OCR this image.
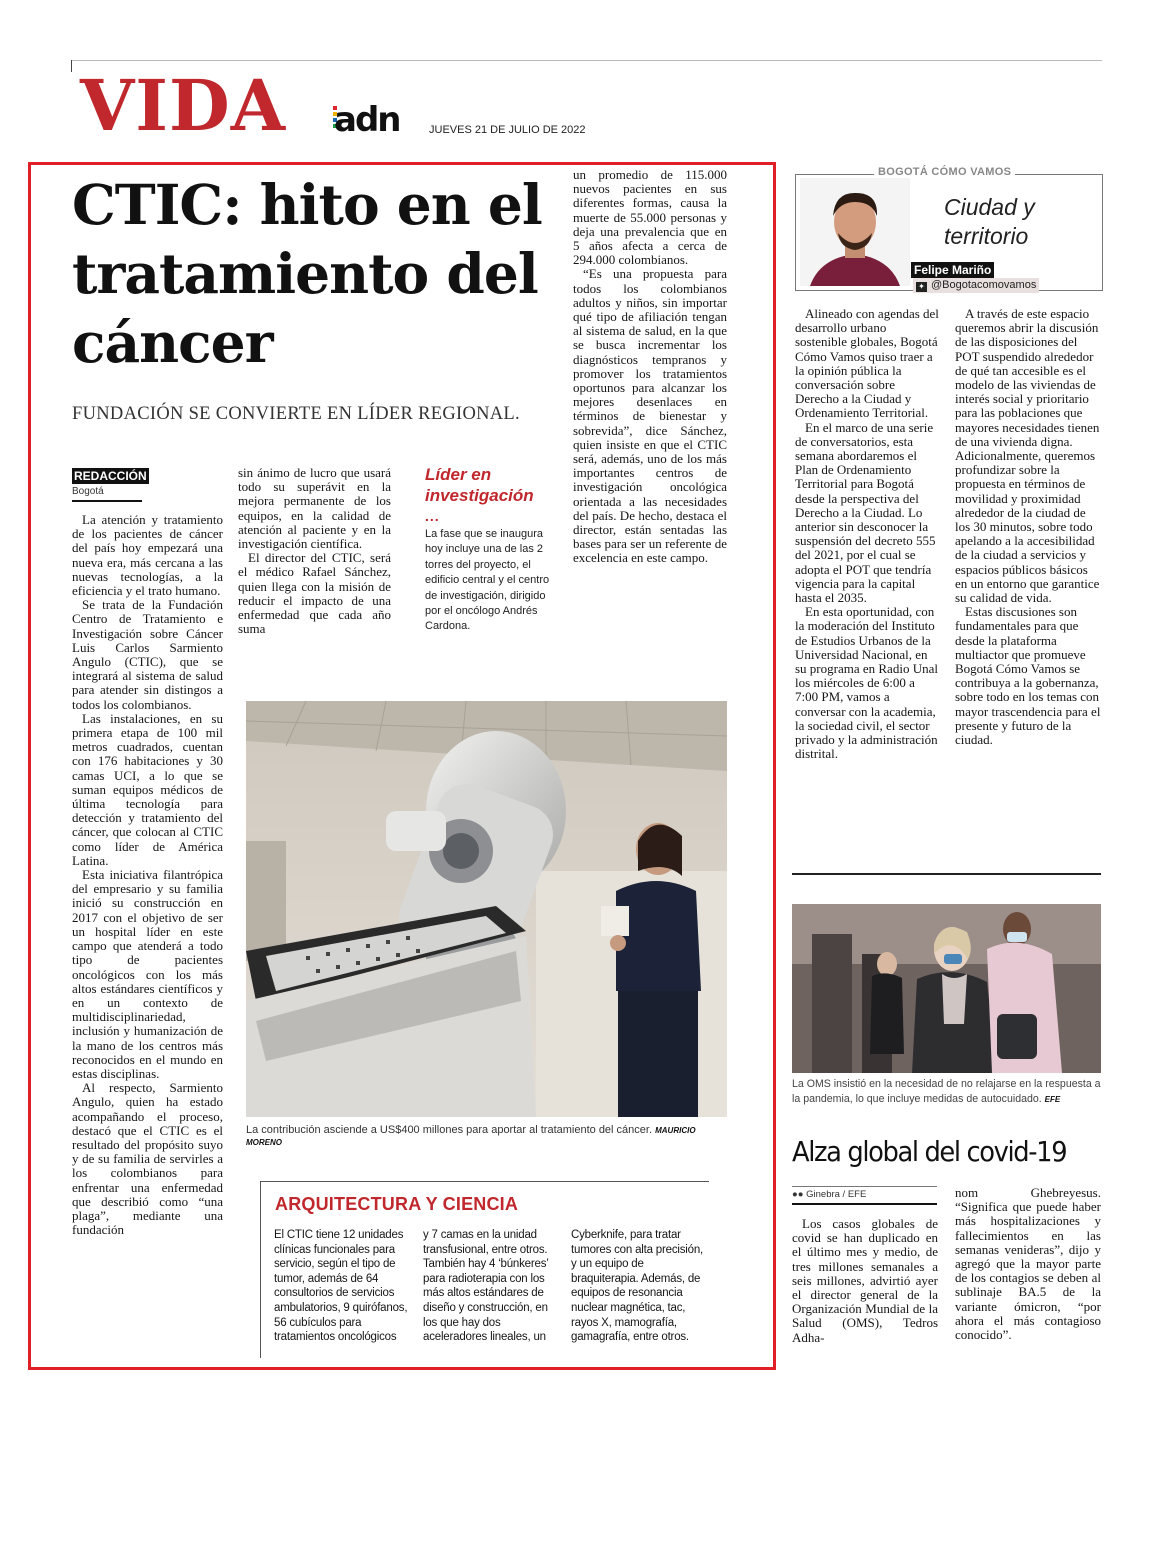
VIDA adn	JUEVES 21 DE JULIO DE 2022
CTIC: hito en el tratamiento del cáncer
FUNDACIÓN SE CONVIERTE EN LÍDER REGIONAL.
REDACCIÓN
Bogotá

La atención y tratamiento de los pacientes de cáncer del país hoy empezará una nueva era, más cercana a las nuevas tecnologías, a la eficiencia y el trato humano.

Se trata de la Fundación Centro de Tratamiento e Investigación sobre Cáncer Luis Carlos Sarmiento Angulo (CTIC), que se integrará al sistema de salud para atender sin distingos a todos los colombianos.

Las instalaciones, en su primera etapa de 100 mil metros cuadrados, cuentan con 176 habitaciones y 30 camas UCI, a lo que se suman equipos médicos de última tecnología para detección y tratamiento del cáncer, que colocan al CTIC como líder de América Latina.

Esta iniciativa filantrópica del empresario y su familia inició su construcción en 2017 con el objetivo de ser un hospital líder en este campo que atenderá a todo tipo de pacientes oncológicos con los más altos estándares científicos y en un contexto de multidisciplinariedad, inclusión y humanización de la mano de los centros más reconocidos en el mundo en estas disciplinas.

Al respecto, Sarmiento Angulo, quien ha estado acompañando el proceso, destacó que el CTIC es el resultado del propósito suyo y de su familia de servirles a los colombianos para enfrentar una enfermedad que describió como “una plaga”, mediante una fundación

sin ánimo de lucro que usará todo su superávit en la mejora permanente de los equipos, en la calidad de atención al paciente y en la investigación científica.

El director del CTIC, será el médico Rafael Sánchez, quien llega con la misión de reducir el impacto de una enfermedad que cada año suma

Líder en investigación
...
La fase que se inaugura hoy incluye una de las 2 torres del proyecto, el edificio central y el centro de investigación, dirigido por el oncólogo Andrés Cardona.

un promedio de 115.000 nuevos pacientes en sus diferentes formas, causa la muerte de 55.000 personas y deja una prevalencia que en 5 años afecta a cerca de 294.000 colombianos.

“Es una propuesta para todos los colombianos adultos y niños, sin importar qué tipo de afiliación tengan al sistema de salud, en la que se busca incrementar los diagnósticos tempranos y promover los tratamientos oportunos para alcanzar los mejores desenlaces en términos de bienestar y sobrevida”, dice Sánchez, quien insiste en que el CTIC será, además, uno de los más importantes centros de investigación oncológica orientada a las necesidades del país. De hecho, destaca el director, están sentadas las bases para ser un referente de excelencia en este campo.

La contribución asciende a US$400 millones para aportar al tratamiento del cáncer. MAURICIO MORENO
ARQUITECTURA Y CIENCIA
El CTIC tiene 12 unidades clínicas funcionales para servicio, según el tipo de tumor, además de 64 consultorios de servicios ambulatorios, 9 quirófanos, 56 cubículos para tratamientos oncológicos
y 7 camas en la unidad transfusional, entre otros. También hay 4 ‘búnkeres’ para radioterapia con los más altos estándares de diseño y construcción, en los que hay dos aceleradores lineales, un
Cyberknife, para tratar tumores con alta precisión, y un equipo de braquiterapia. Además, de equipos de resonancia nuclear magnética, tac, rayos X, mamografía, gamagrafía, entre otros.
BOGOTÁ CÓMO VAMOS
Ciudad y territorio
Felipe Mariño
✦ @Bogotacomovamos

Alineado con agendas del desarrollo urbano sostenible globales, Bogotá Cómo Vamos quiso traer a la opinión pública la conversación sobre Derecho a la Ciudad y Ordenamiento Territorial.

En el marco de una serie de conversatorios, esta semana abordaremos el Plan de Ordenamiento Territorial para Bogotá desde la perspectiva del Derecho a la Ciudad. Lo anterior sin desconocer la suspensión del decreto 555 del 2021, por el cual se adopta el POT que tendría vigencia para la capital hasta el 2035.

En esta oportunidad, con la moderación del Instituto de Estudios Urbanos de la Universidad Nacional, en su programa en Radio Unal los miércoles de 6:00 a 7:00 PM, vamos a conversar con la academia, la sociedad civil, el sector privado y la administración distrital.

A través de este espacio queremos abrir la discusión de las disposiciones del POT suspendido alrededor de qué tan accesible es el modelo de las viviendas de interés social y prioritario para las poblaciones que mayores necesidades tienen de una vivienda digna. Adicionalmente, queremos profundizar sobre la propuesta en términos de movilidad y proximidad alrededor de la ciudad de los 30 minutos, sobre todo apelando a la accesibilidad de la ciudad a servicios y espacios públicos básicos en un entorno que garantice su calidad de vida.

Estas discusiones son fundamentales para que desde la plataforma multiactor que promueve Bogotá Cómo Vamos se contribuya a la gobernanza, sobre todo en los temas con mayor trascendencia para el presente y futuro de la ciudad.

La OMS insistió en la necesidad de no relajarse en la respuesta a la pandemia, lo que incluye medidas de autocuidado. EFE
Alza global del covid-19
●● Ginebra / EFE

Los casos globales de covid se han duplicado en el último mes y medio, de tres millones semanales a seis millones, advirtió ayer el director general de la Organización Mundial de la Salud (OMS), Tedros Adha-

nom Ghebreyesus. “Significa que puede haber más hospitalizaciones y fallecimientos en las semanas venideras”, dijo y agregó que la mayor parte de los contagios se deben al sublinaje BA.5 de la variante ómicron, “por ahora el más contagioso conocido”.
